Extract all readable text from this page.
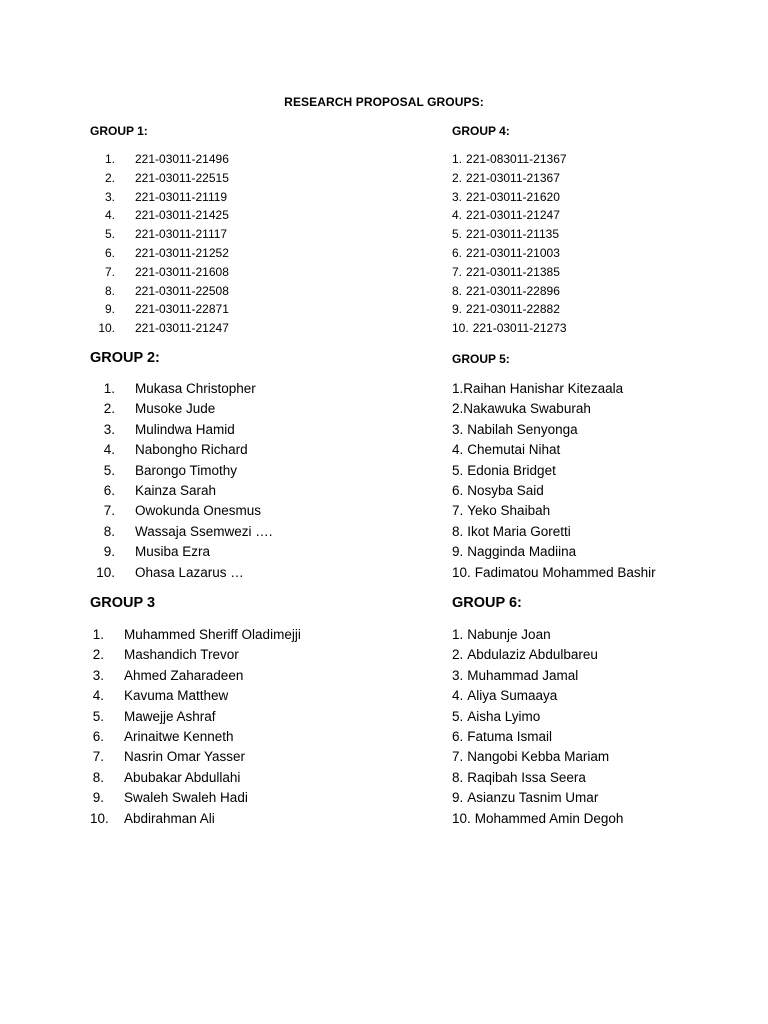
RESEARCH PROPOSAL GROUPS:
GROUP 1:
1.	221-03011-21496
2.	221-03011-22515
3.	221-03011-21119
4.	221-03011-21425
5.	221-03011-21117
6.	221-03011-21252
7.	221-03011-21608
8.	221-03011-22508
9.	221-03011-22871
10.	221-03011-21247
GROUP 4:
1. 221-083011-21367
2. 221-03011-21367
3. 221-03011-21620
4. 221-03011-21247
5. 221-03011-21135
6. 221-03011-21003
7. 221-03011-21385
8. 221-03011-22896
9. 221-03011-22882
10. 221-03011-21273
GROUP 2:
1.	Mukasa Christopher
2.	Musoke Jude
3.	Mulindwa Hamid
4.	Nabongho Richard
5.	Barongo Timothy
6.	Kainza Sarah
7.	Owokunda Onesmus
8.	Wassaja Ssemwezi ….
9.	Musiba Ezra
10.	Ohasa Lazarus …
GROUP 5:
1. Raihan Hanishar Kitezaala
2. Nakawuka Swaburah
3. Nabilah Senyonga
4. Chemutai Nihat
5. Edonia Bridget
6. Nosyba Said
7. Yeko Shaibah
8. Ikot Maria Goretti
9. Nagginda Madiina
10. Fadimatou Mohammed Bashir
GROUP 3
1.	Muhammed Sheriff Oladimejji
2.	Mashandich Trevor
3.	Ahmed Zaharadeen
4.	Kavuma Matthew
5.	Mawejje Ashraf
6.	Arinaitwe Kenneth
7.	Nasrin Omar Yasser
8.	Abubakar Abdullahi
9.	Swaleh Swaleh Hadi
10.	Abdirahman Ali
GROUP 6:
1. Nabunje Joan
2. Abdulaziz Abdulbareu
3. Muhammad Jamal
4. Aliya Sumaaya
5. Aisha Lyimo
6. Fatuma Ismail
7. Nangobi Kebba Mariam
8. Raqibah Issa Seera
9. Asianzu Tasnim Umar
10. Mohammed Amin Degoh
